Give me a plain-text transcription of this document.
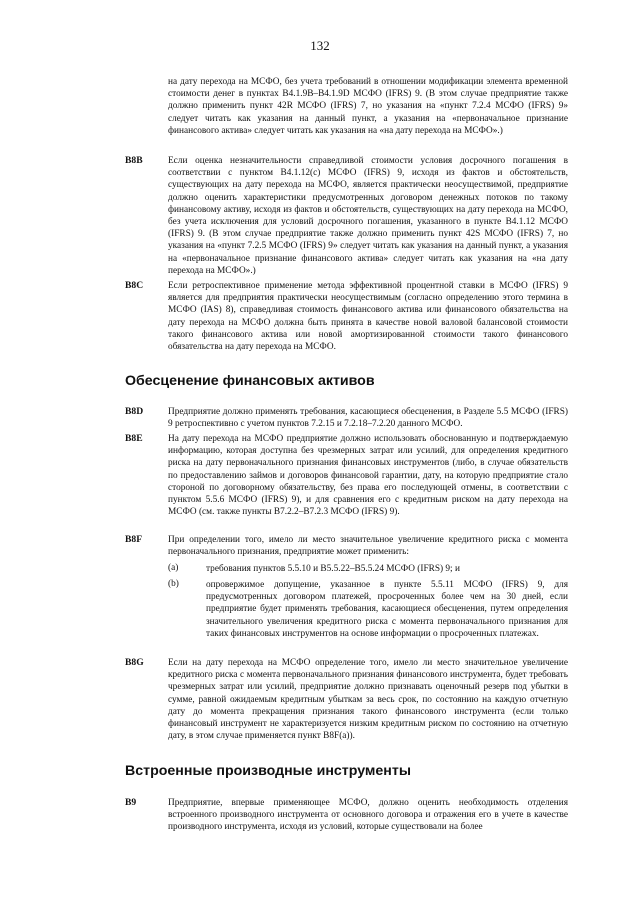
132
на дату перехода на МСФО, без учета требований в отношении модификации элемента временной стоимости денег в пунктах B4.1.9B–B4.1.9D МСФО (IFRS) 9. (В этом случае предприятие также должно применить пункт 42R МСФО (IFRS) 7, но указания на «пункт 7.2.4 МСФО (IFRS) 9» следует читать как указания на данный пункт, а указания на «первоначальное признание финансового актива» следует читать как указания на «на дату перехода на МСФО».)
B8B	Если оценка незначительности справедливой стоимости условия досрочного погашения в соответствии с пунктом B4.1.12(c) МСФО (IFRS) 9, исходя из фактов и обстоятельств, существующих на дату перехода на МСФО, является практически неосуществимой, предприятие должно оценить характеристики предусмотренных договором денежных потоков по такому финансовому активу, исходя из фактов и обстоятельств, существующих на дату перехода на МСФО, без учета исключения для условий досрочного погашения, указанного в пункте B4.1.12 МСФО (IFRS) 9. (В этом случае предприятие также должно применить пункт 42S МСФО (IFRS) 7, но указания на «пункт 7.2.5 МСФО (IFRS) 9» следует читать как указания на данный пункт, а указания на «первоначальное признание финансового актива» следует читать как указания на «на дату перехода на МСФО».)
B8C	Если ретроспективное применение метода эффективной процентной ставки в МСФО (IFRS) 9 является для предприятия практически неосуществимым (согласно определению этого термина в МСФО (IAS) 8), справедливая стоимость финансового актива или финансового обязательства на дату перехода на МСФО должна быть принята в качестве новой валовой балансовой стоимости такого финансового актива или новой амортизированной стоимости такого финансового обязательства на дату перехода на МСФО.
Обесценение финансовых активов
B8D	Предприятие должно применять требования, касающиеся обесценения, в Разделе 5.5 МСФО (IFRS) 9 ретроспективно с учетом пунктов 7.2.15 и 7.2.18–7.2.20 данного МСФО.
B8E	На дату перехода на МСФО предприятие должно использовать обоснованную и подтверждаемую информацию, которая доступна без чрезмерных затрат или усилий, для определения кредитного риска на дату первоначального признания финансовых инструментов (либо, в случае обязательств по предоставлению займов и договоров финансовой гарантии, дату, на которую предприятие стало стороной по договорному обязательству, без права его последующей отмены, в соответствии с пунктом 5.5.6 МСФО (IFRS) 9), и для сравнения его с кредитным риском на дату перехода на МСФО (см. также пункты B7.2.2–B7.2.3 МСФО (IFRS) 9).
B8F	При определении того, имело ли место значительное увеличение кредитного риска с момента первоначального признания, предприятие может применить:
(a)	требования пунктов 5.5.10 и B5.5.22–B5.5.24 МСФО (IFRS) 9; и
(b)	опровержимое допущение, указанное в пункте 5.5.11 МСФО (IFRS) 9, для предусмотренных договором платежей, просроченных более чем на 30 дней, если предприятие будет применять требования, касающиеся обесценения, путем определения значительного увеличения кредитного риска с момента первоначального признания для таких финансовых инструментов на основе информации о просроченных платежах.
B8G	Если на дату перехода на МСФО определение того, имело ли место значительное увеличение кредитного риска с момента первоначального признания финансового инструмента, будет требовать чрезмерных затрат или усилий, предприятие должно признавать оценочный резерв под убытки в сумме, равной ожидаемым кредитным убыткам за весь срок, по состоянию на каждую отчетную дату до момента прекращения признания такого финансового инструмента (если только финансовый инструмент не характеризуется низким кредитным риском по состоянию на отчетную дату, в этом случае применяется пункт B8F(a)).
Встроенные производные инструменты
B9	Предприятие, впервые применяющее МСФО, должно оценить необходимость отделения встроенного производного инструмента от основного договора и отражения его в учете в качестве производного инструмента, исходя из условий, которые существовали на более
